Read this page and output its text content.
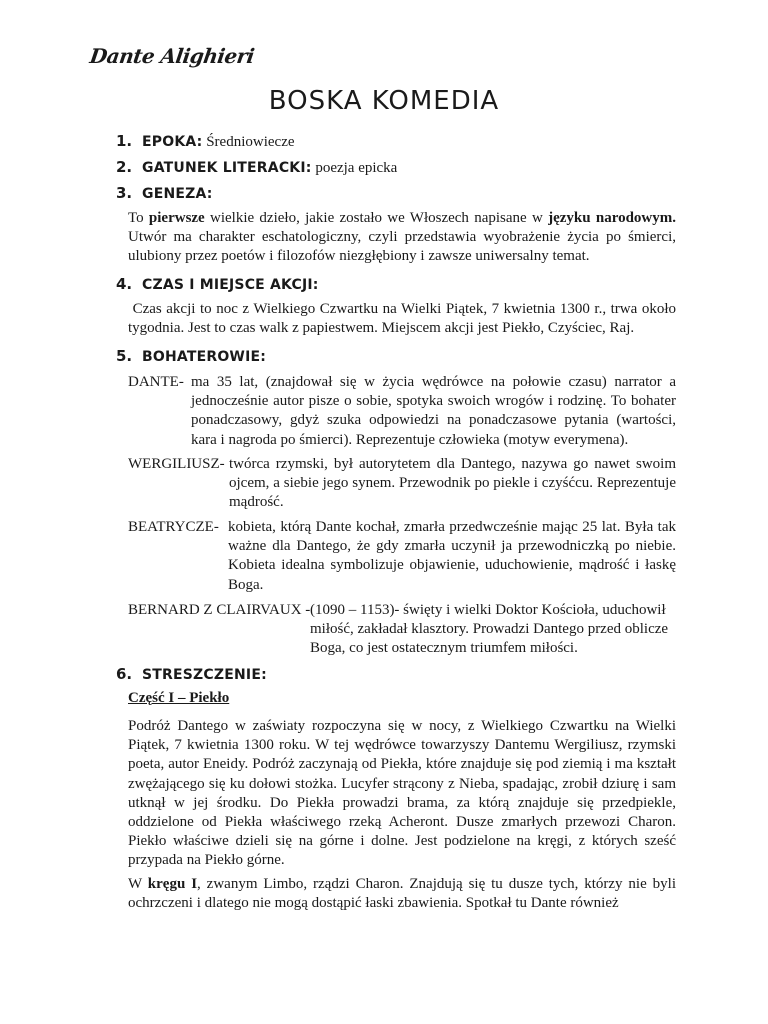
Dante Alighieri
BOSKA KOMEDIA
1. EPOKA: Średniowiecze
2. GATUNEK LITERACKI: poezja epicka
3. GENEZA:

To pierwsze wielkie dzieło, jakie zostało we Włoszech napisane w języku narodowym. Utwór ma charakter eschatologiczny, czyli przedstawia wyobrażenie życia po śmierci, ulubiony przez poetów i filozofów niezgłębiony i zawsze uniwersalny temat.

4. CZAS I MIEJSCE AKCJI:

Czas akcji to noc z Wielkiego Czwartku na Wielki Piątek, 7 kwietnia 1300 r., trwa około tygodnia. Jest to czas walk z papiestwem. Miejscem akcji jest Piekło, Czyściec, Raj.

5. BOHATEROWIE:
DANTE- ma 35 lat, (znajdował się w życia wędrówce na połowie czasu) narrator a jednocześnie autor pisze o sobie, spotyka swoich wrogów i rodzinę. To bohater ponadczasowy, gdyż szuka odpowiedzi na ponadczasowe pytania (wartości, kara i nagroda po śmierci). Reprezentuje człowieka (motyw everymena).
WERGILIUSZ- twórca rzymski, był autorytetem dla Dantego, nazywa go nawet swoim ojcem, a siebie jego synem. Przewodnik po piekle i czyśćcu. Reprezentuje mądrość.
BEATRYCZE- kobieta, którą Dante kochał, zmarła przedwcześnie mając 25 lat. Była tak ważne dla Dantego, że gdy zmarła uczynił ja przewodniczką po niebie. Kobieta idealna symbolizuje objawienie, uduchowienie, mądrość i łaskę Boga.
BERNARD Z CLAIRVAUX - (1090 – 1153)- święty i wielki Doktor Kościoła, uduchowił miłość, zakładał klasztory. Prowadzi Dantego przed oblicze Boga, co jest ostatecznym triumfem miłości.
6. STRESZCZENIE:
Część I – Piekło

Podróż Dantego w zaświaty rozpoczyna się w nocy, z Wielkiego Czwartku na Wielki Piątek, 7 kwietnia 1300 roku. W tej wędrówce towarzyszy Dantemu Wergiliusz, rzymski poeta, autor Eneidy. Podróż zaczynają od Piekła, które znajduje się pod ziemią i ma kształt zwężającego się ku dołowi stożka. Lucyfer strącony z Nieba, spadając, zrobił dziurę i sam utknął w jej środku. Do Piekła prowadzi brama, za którą znajduje się przedpiekle, oddzielone od Piekła właściwego rzeką Acheront. Dusze zmarłych przewozi Charon. Piekło właściwe dzieli się na górne i dolne. Jest podzielone na kręgi, z których sześć przypada na Piekło górne.

W kręgu I, zwanym Limbo, rządzi Charon. Znajdują się tu dusze tych, którzy nie byli ochrzczeni i dlatego nie mogą dostąpić łaski zbawienia. Spotkał tu Dante również
